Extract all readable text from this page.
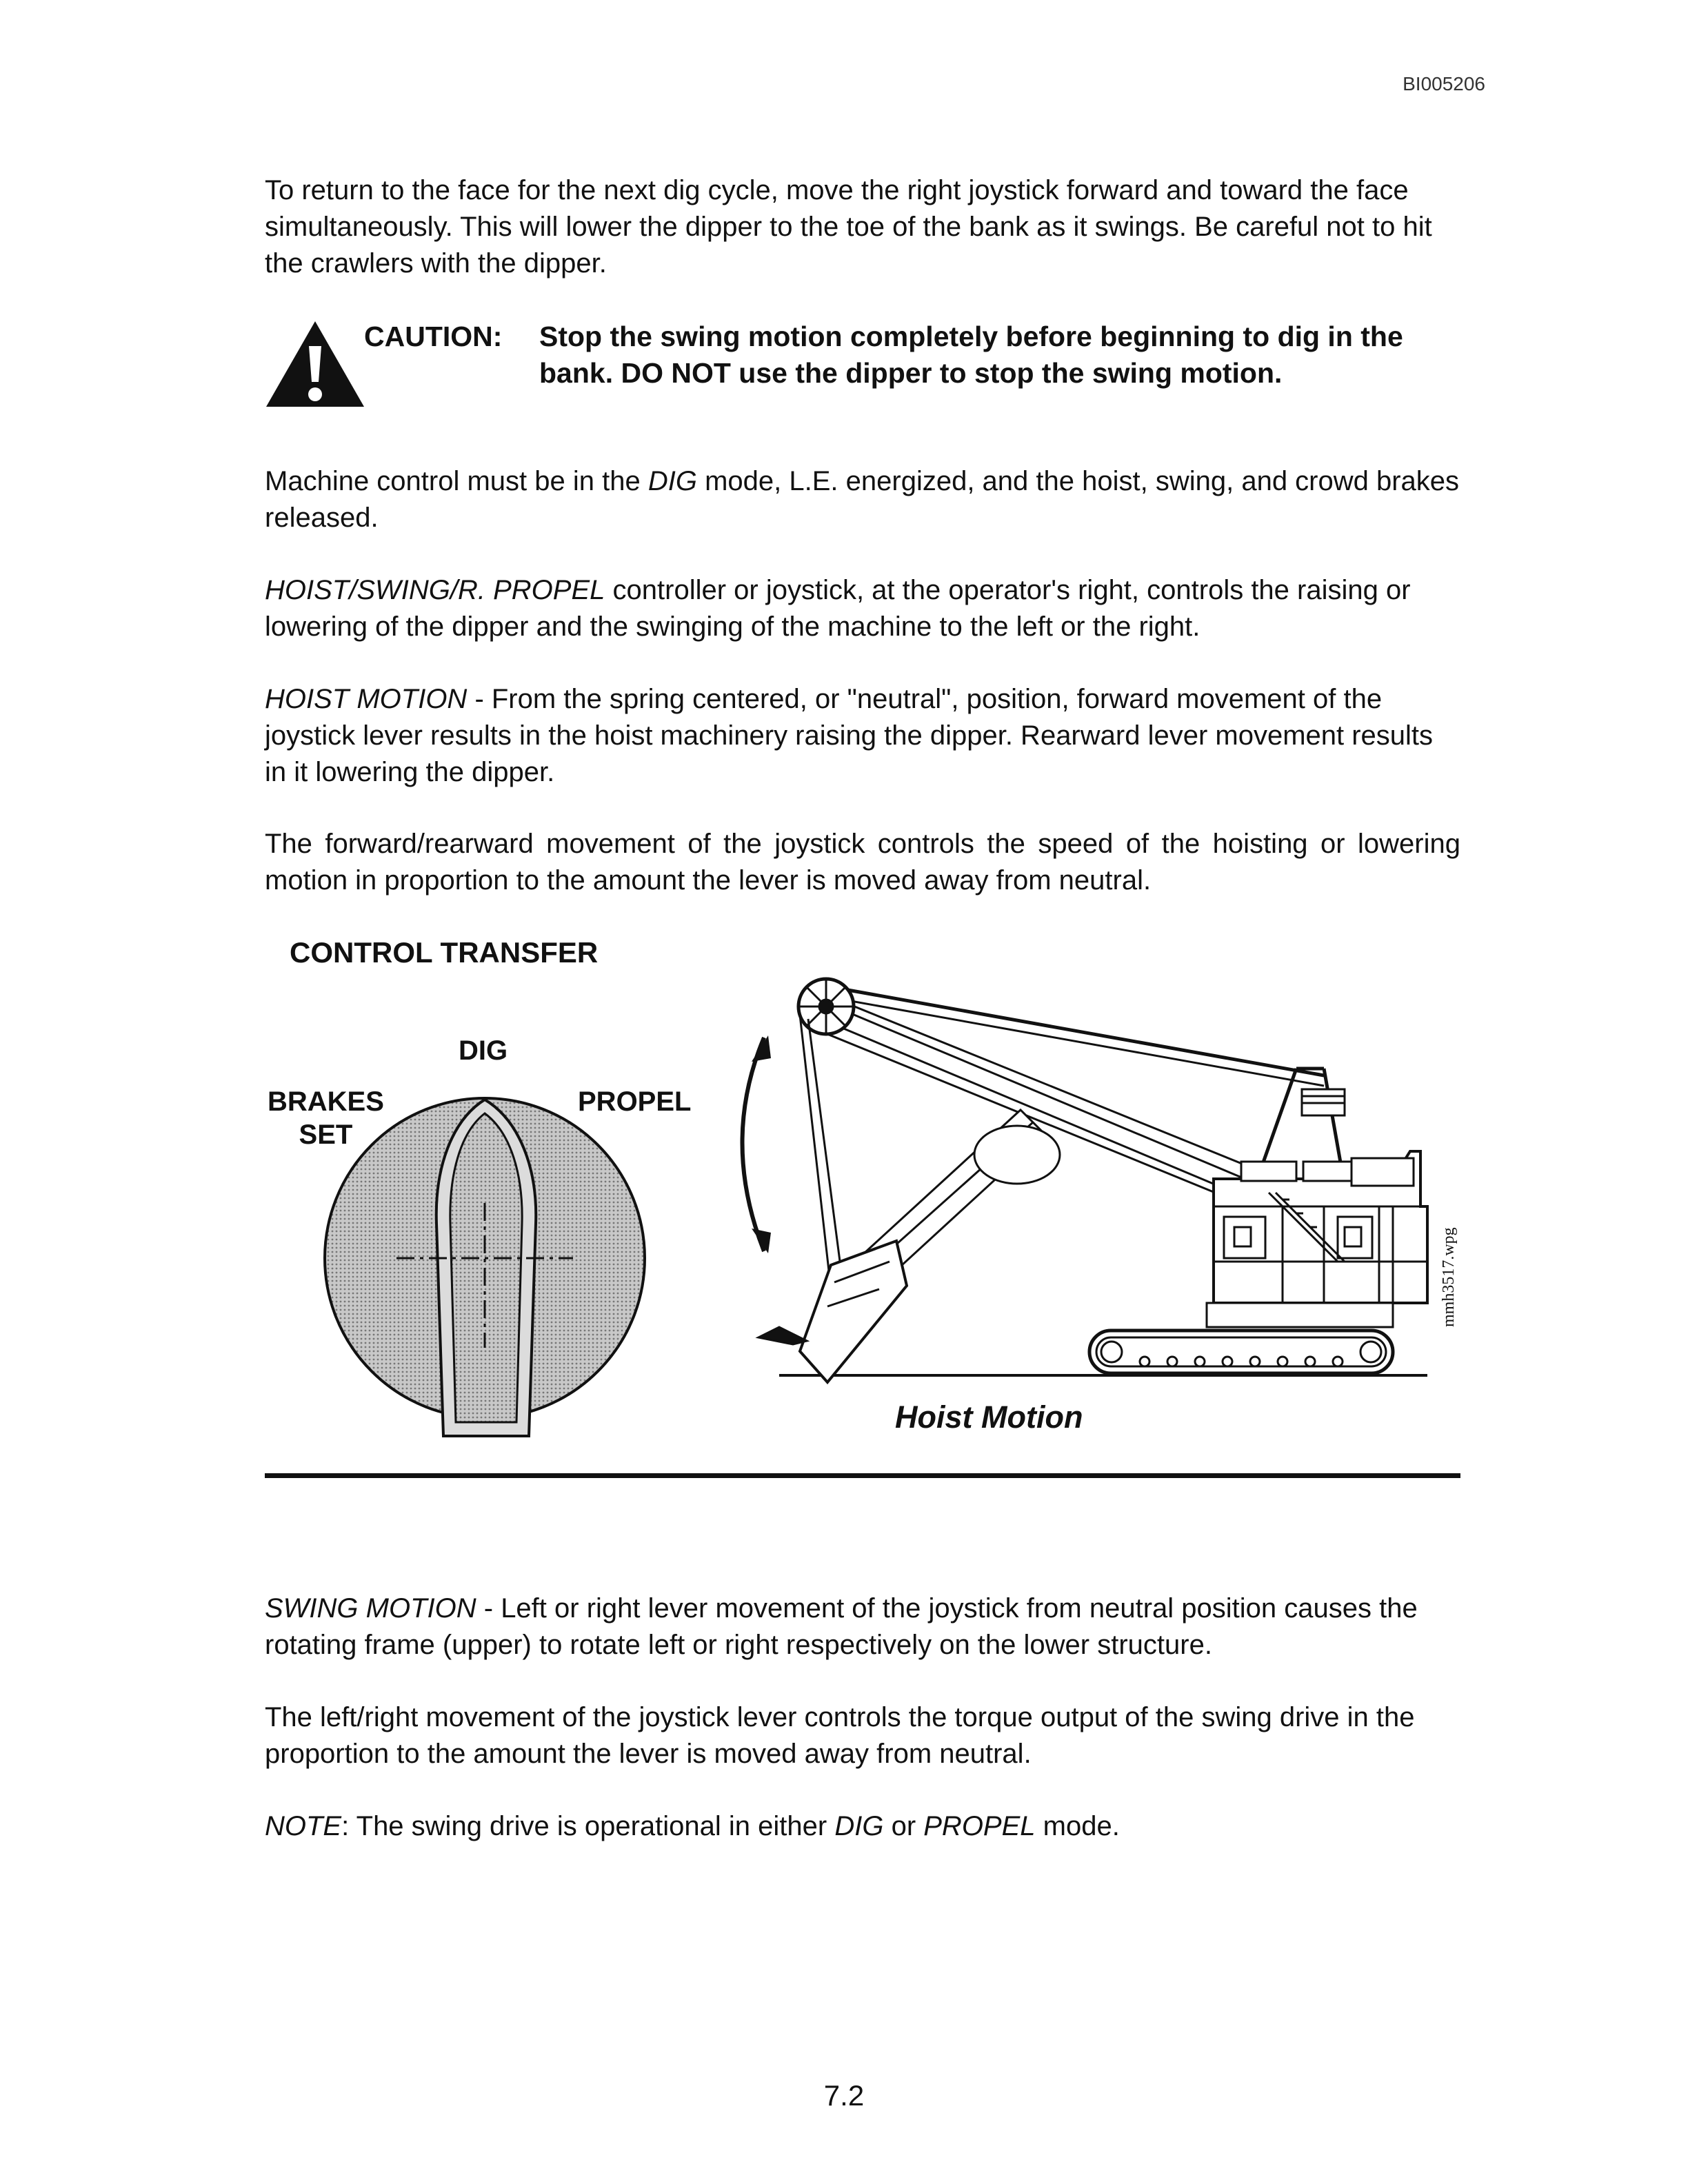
BI005206

To return to the face for the next dig cycle, move the right joystick forward and toward the face simultaneously. This will lower the dipper to the toe of the bank as it swings. Be careful not to hit the crawlers with the dipper.

CAUTION: Stop the swing motion completely before beginning to dig in the bank. DO NOT use the dipper to stop the swing motion.

Machine control must be in the DIG mode, L.E. energized, and the hoist, swing, and crowd brakes released.

HOIST/SWING/R. PROPEL controller or joystick, at the operator's right, controls the raising or lowering of the dipper and the swinging of the machine to the left or the right.

HOIST MOTION - From the spring centered, or "neutral", position, forward movement of the joystick lever results in the hoist machinery raising the dipper. Rearward lever movement results in it lowering the dipper.

The forward/rearward movement of the joystick controls the speed of the hoisting or lowering motion in proportion to the amount the lever is moved away from neutral.

CONTROL TRANSFER
DIG
BRAKES
SET
PROPEL
Hoist Motion
mmh3517.wpg

SWING MOTION - Left or right lever movement of the joystick from neutral position causes the rotating frame (upper) to rotate left or right respectively on the lower structure.

The left/right movement of the joystick lever controls the torque output of the swing drive in the proportion to the amount the lever is moved away from neutral.

NOTE: The swing drive is operational in either DIG or PROPEL mode.

7.2
